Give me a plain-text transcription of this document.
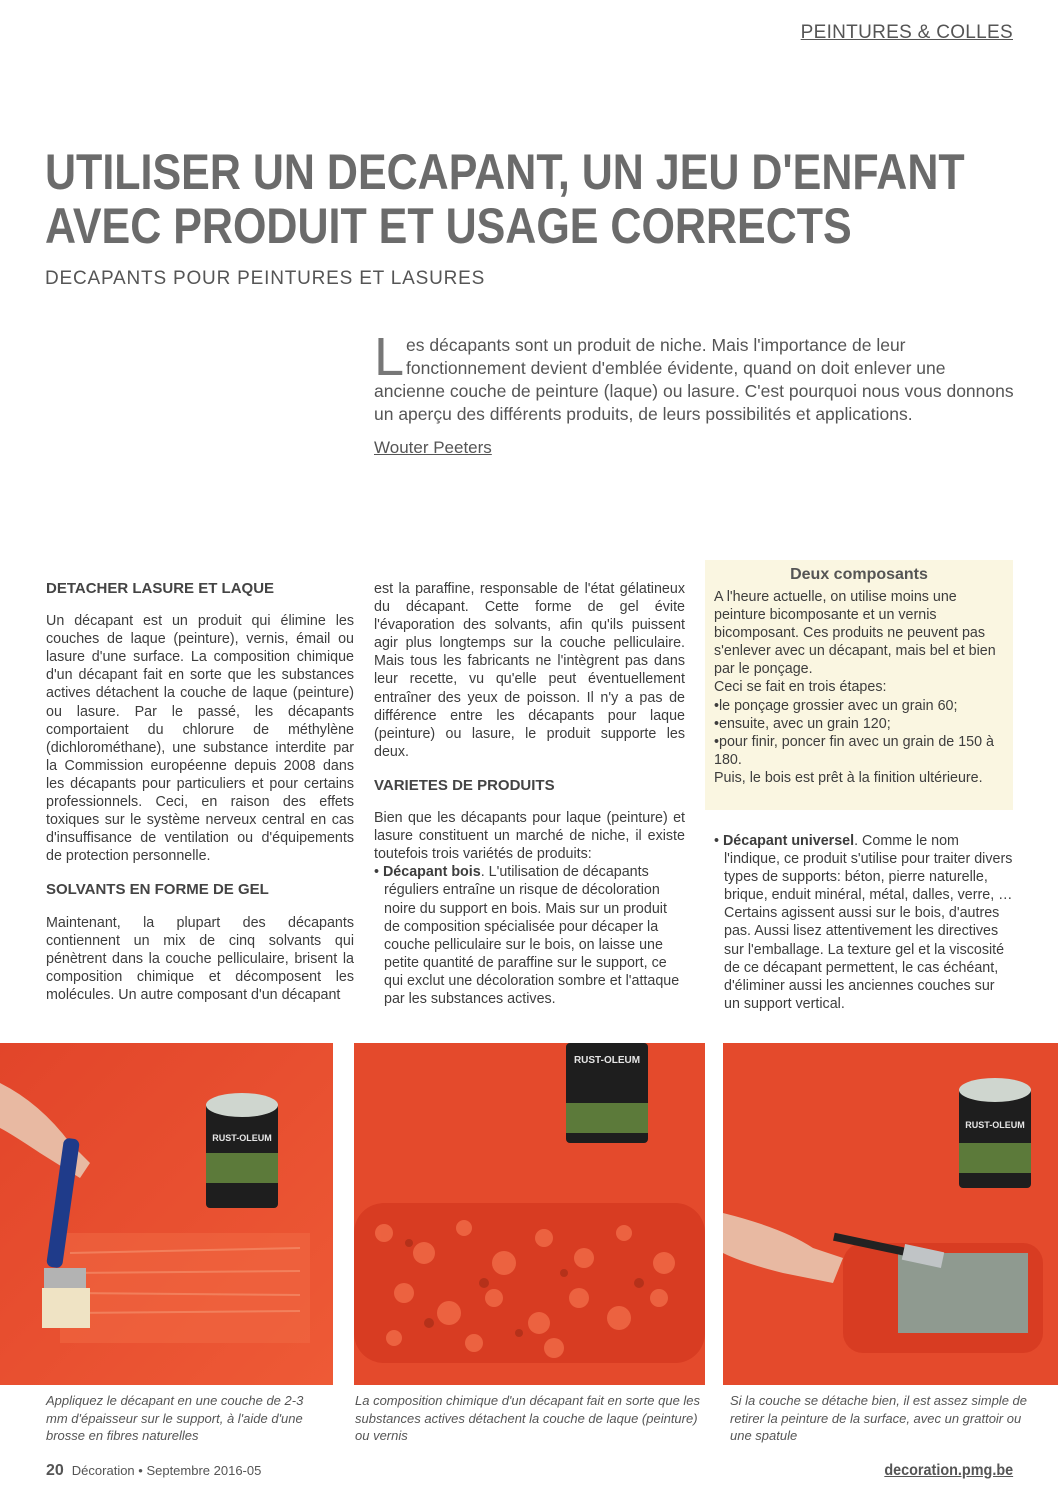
PEINTURES & COLLES
UTILISER UN DECAPANT, UN JEU D'ENFANT
AVEC PRODUIT ET USAGE CORRECTS
DECAPANTS POUR PEINTURES ET LASURES
Les décapants sont un produit de niche. Mais l'importance de leur fonctionnement devient d'emblée évidente, quand on doit enlever une ancienne couche de peinture (laque) ou lasure. C'est pourquoi nous vous donnons un aperçu des différents produits, de leurs possibilités et applications.
Wouter Peeters
DETACHER LASURE ET LAQUE

Un décapant est un produit qui élimine les couches de laque (peinture), vernis, émail ou lasure d'une surface. La composition chimique d'un décapant fait en sorte que les substances actives détachent la couche de laque (peinture) ou lasure. Par le passé, les décapants comportaient du chlorure de méthylène (dichlorométhane), une substance interdite par la Commission européenne depuis 2008 dans les décapants pour particuliers et pour certains professionnels. Ceci, en raison des effets toxiques sur le système nerveux central en cas d'insuffisance de ventilation ou d'équipements de protection personnelle.

SOLVANTS EN FORME DE GEL

Maintenant, la plupart des décapants contiennent un mix de cinq solvants qui pénètrent dans la couche pelliculaire, brisent la composition chimique et décomposent les molécules. Un autre composant d'un décapant

est la paraffine, responsable de l'état gélatineux du décapant. Cette forme de gel évite l'évaporation des solvants, afin qu'ils puissent agir plus longtemps sur la couche pelliculaire. Mais tous les fabricants ne l'intègrent pas dans leur recette, vu qu'elle peut éventuellement entraîner des yeux de poisson. Il n'y a pas de différence entre les décapants pour laque (peinture) ou lasure, le produit supporte les deux.

VARIETES DE PRODUITS

Bien que les décapants pour laque (peinture) et lasure constituent un marché de niche, il existe toutefois trois variétés de produits:

• Décapant bois. L'utilisation de décapants réguliers entraîne un risque de décoloration noire du support en bois. Mais sur un produit de composition spécialisée pour décaper la couche pelliculaire sur le bois, on laisse une petite quantité de paraffine sur le support, ce qui exclut une décoloration sombre et l'attaque par les substances actives.
Deux composants
A l'heure actuelle, on utilise moins une peinture bicomposante et un vernis bicomposant. Ces produits ne peuvent pas s'enlever avec un décapant, mais bel et bien par le ponçage.
Ceci se fait en trois étapes:
•le ponçage grossier avec un grain 60;
•ensuite, avec un grain 120;
•pour finir, poncer fin avec un grain de 150 à 180.
Puis, le bois est prêt à la finition ultérieure.
• Décapant universel. Comme le nom l'indique, ce produit s'utilise pour traiter divers types de supports: béton, pierre naturelle, brique, enduit minéral, métal, dalles, verre, … Certains agissent aussi sur le bois, d'autres pas. Aussi lisez attentivement les directives sur l'emballage. La texture gel et la viscosité de ce décapant permettent, le cas échéant, d'éliminer aussi les anciennes couches sur un support vertical.
RUST-OLEUM
RUST-OLEUM
RUST-OLEUM
Appliquez le décapant en une couche de 2-3 mm d'épaisseur sur le support, à l'aide d'une brosse en fibres naturelles
La composition chimique d'un décapant fait en sorte que les substances actives détachent la couche de laque (peinture) ou vernis
Si la couche se détache bien, il est assez simple de retirer la peinture de la surface, avec un grattoir ou une spatule
20 Décoration • Septembre 2016-05	decoration.pmg.be
